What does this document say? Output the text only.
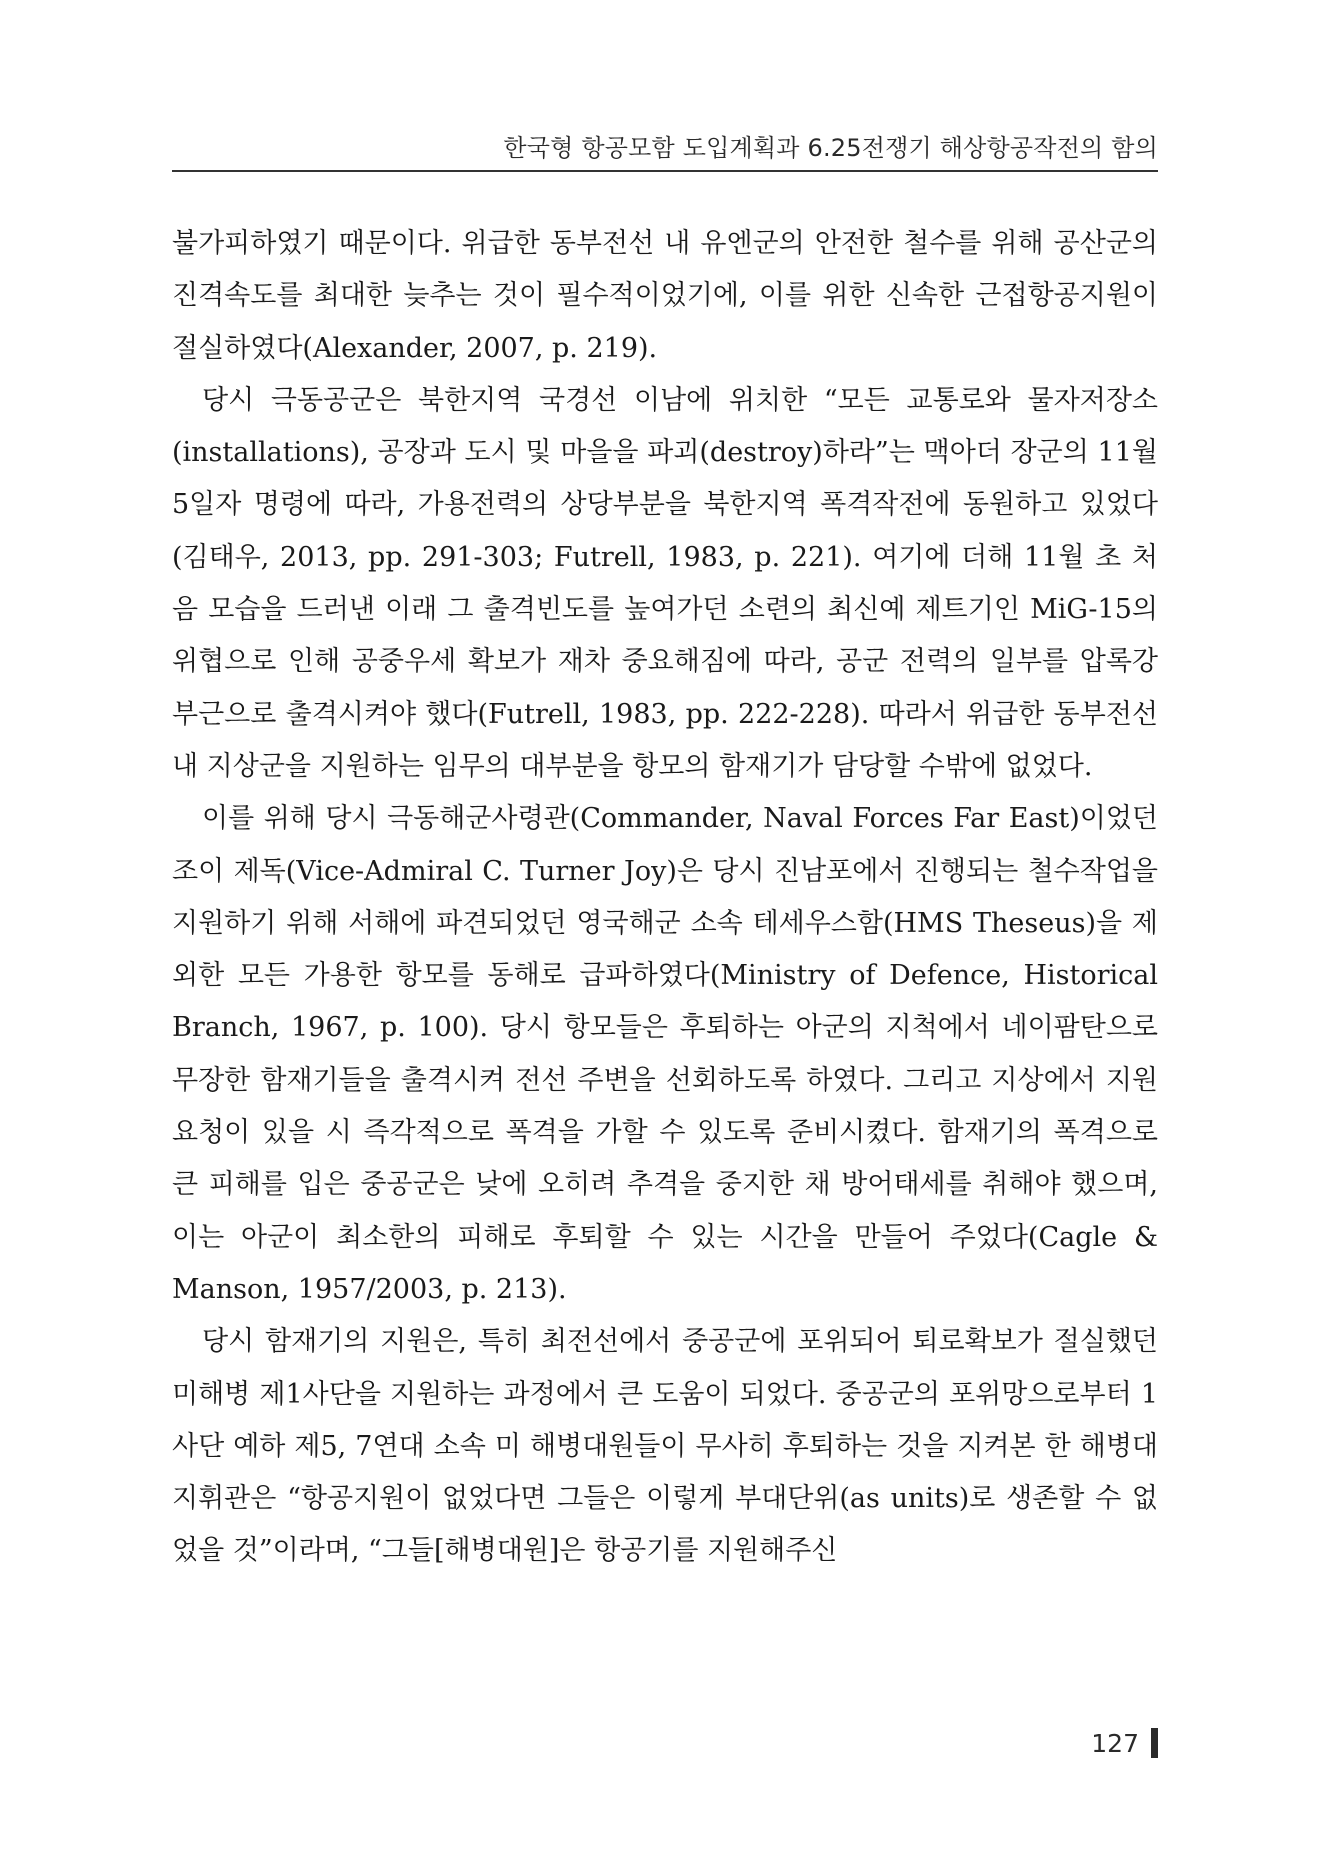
한국형 항공모함 도입계획과 6.25전쟁기 해상항공작전의 함의

불가피하였기 때문이다. 위급한 동부전선 내 유엔군의 안전한 철수를 위해 공산군의 진격속도를 최대한 늦추는 것이 필수적이었기에, 이를 위한 신속한 근접항공지원이 절실하였다(Alexander, 2007, p. 219).

당시 극동공군은 북한지역 국경선 이남에 위치한 “모든 교통로와 물자저장소(installations), 공장과 도시 및 마을을 파괴(destroy)하라”는 맥아더 장군의 11월 5일자 명령에 따라, 가용전력의 상당부분을 북한지역 폭격작전에 동원하고 있었다(김태우, 2013, pp. 291-303; Futrell, 1983, p. 221). 여기에 더해 11월 초 처음 모습을 드러낸 이래 그 출격빈도를 높여가던 소련의 최신예 제트기인 MiG-15의 위협으로 인해 공중우세 확보가 재차 중요해짐에 따라, 공군 전력의 일부를 압록강 부근으로 출격시켜야 했다(Futrell, 1983, pp. 222-228). 따라서 위급한 동부전선 내 지상군을 지원하는 임무의 대부분을 항모의 함재기가 담당할 수밖에 없었다.

이를 위해 당시 극동해군사령관(Commander, Naval Forces Far East)이었던 조이 제독(Vice-Admiral C. Turner Joy)은 당시 진남포에서 진행되는 철수작업을 지원하기 위해 서해에 파견되었던 영국해군 소속 테세우스함(HMS Theseus)을 제외한 모든 가용한 항모를 동해로 급파하였다(Ministry of Defence, Historical Branch, 1967, p. 100). 당시 항모들은 후퇴하는 아군의 지척에서 네이팜탄으로 무장한 함재기들을 출격시켜 전선 주변을 선회하도록 하였다. 그리고 지상에서 지원요청이 있을 시 즉각적으로 폭격을 가할 수 있도록 준비시켰다. 함재기의 폭격으로 큰 피해를 입은 중공군은 낮에 오히려 추격을 중지한 채 방어태세를 취해야 했으며, 이는 아군이 최소한의 피해로 후퇴할 수 있는 시간을 만들어 주었다(Cagle & Manson, 1957/2003, p. 213).

당시 함재기의 지원은, 특히 최전선에서 중공군에 포위되어 퇴로확보가 절실했던 미해병 제1사단을 지원하는 과정에서 큰 도움이 되었다. 중공군의 포위망으로부터 1사단 예하 제5, 7연대 소속 미 해병대원들이 무사히 후퇴하는 것을 지켜본 한 해병대지휘관은 “항공지원이 없었다면 그들은 이렇게 부대단위(as units)로 생존할 수 없었을 것”이라며, “그들[해병대원]은 항공기를 지원해주신

127
